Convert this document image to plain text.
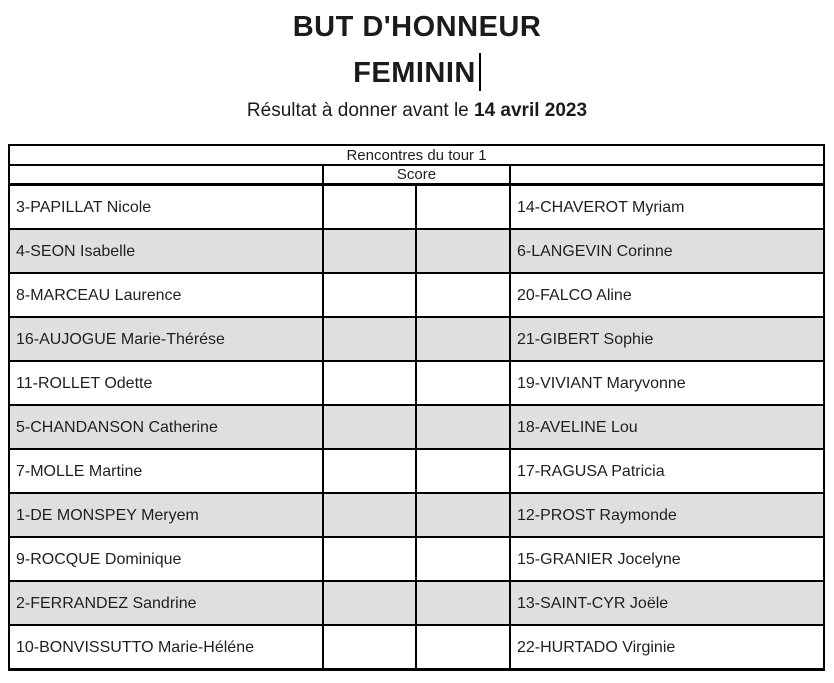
BUT D'HONNEUR
FEMININ
Résultat à donner avant le 14 avril 2023
Rencontres du tour 1			
	Score		
3-PAPILLAT Nicole			14-CHAVEROT Myriam
4-SEON Isabelle			6-LANGEVIN Corinne
8-MARCEAU Laurence			20-FALCO Aline
16-AUJOGUE Marie-Thérése			21-GIBERT Sophie
11-ROLLET Odette			19-VIVIANT Maryvonne
5-CHANDANSON Catherine			18-AVELINE Lou
7-MOLLE Martine			17-RAGUSA Patricia
1-DE MONSPEY Meryem			12-PROST Raymonde
9-ROCQUE Dominique			15-GRANIER Jocelyne
2-FERRANDEZ Sandrine			13-SAINT-CYR Joële
10-BONVISSUTTO Marie-Héléne			22-HURTADO Virginie
